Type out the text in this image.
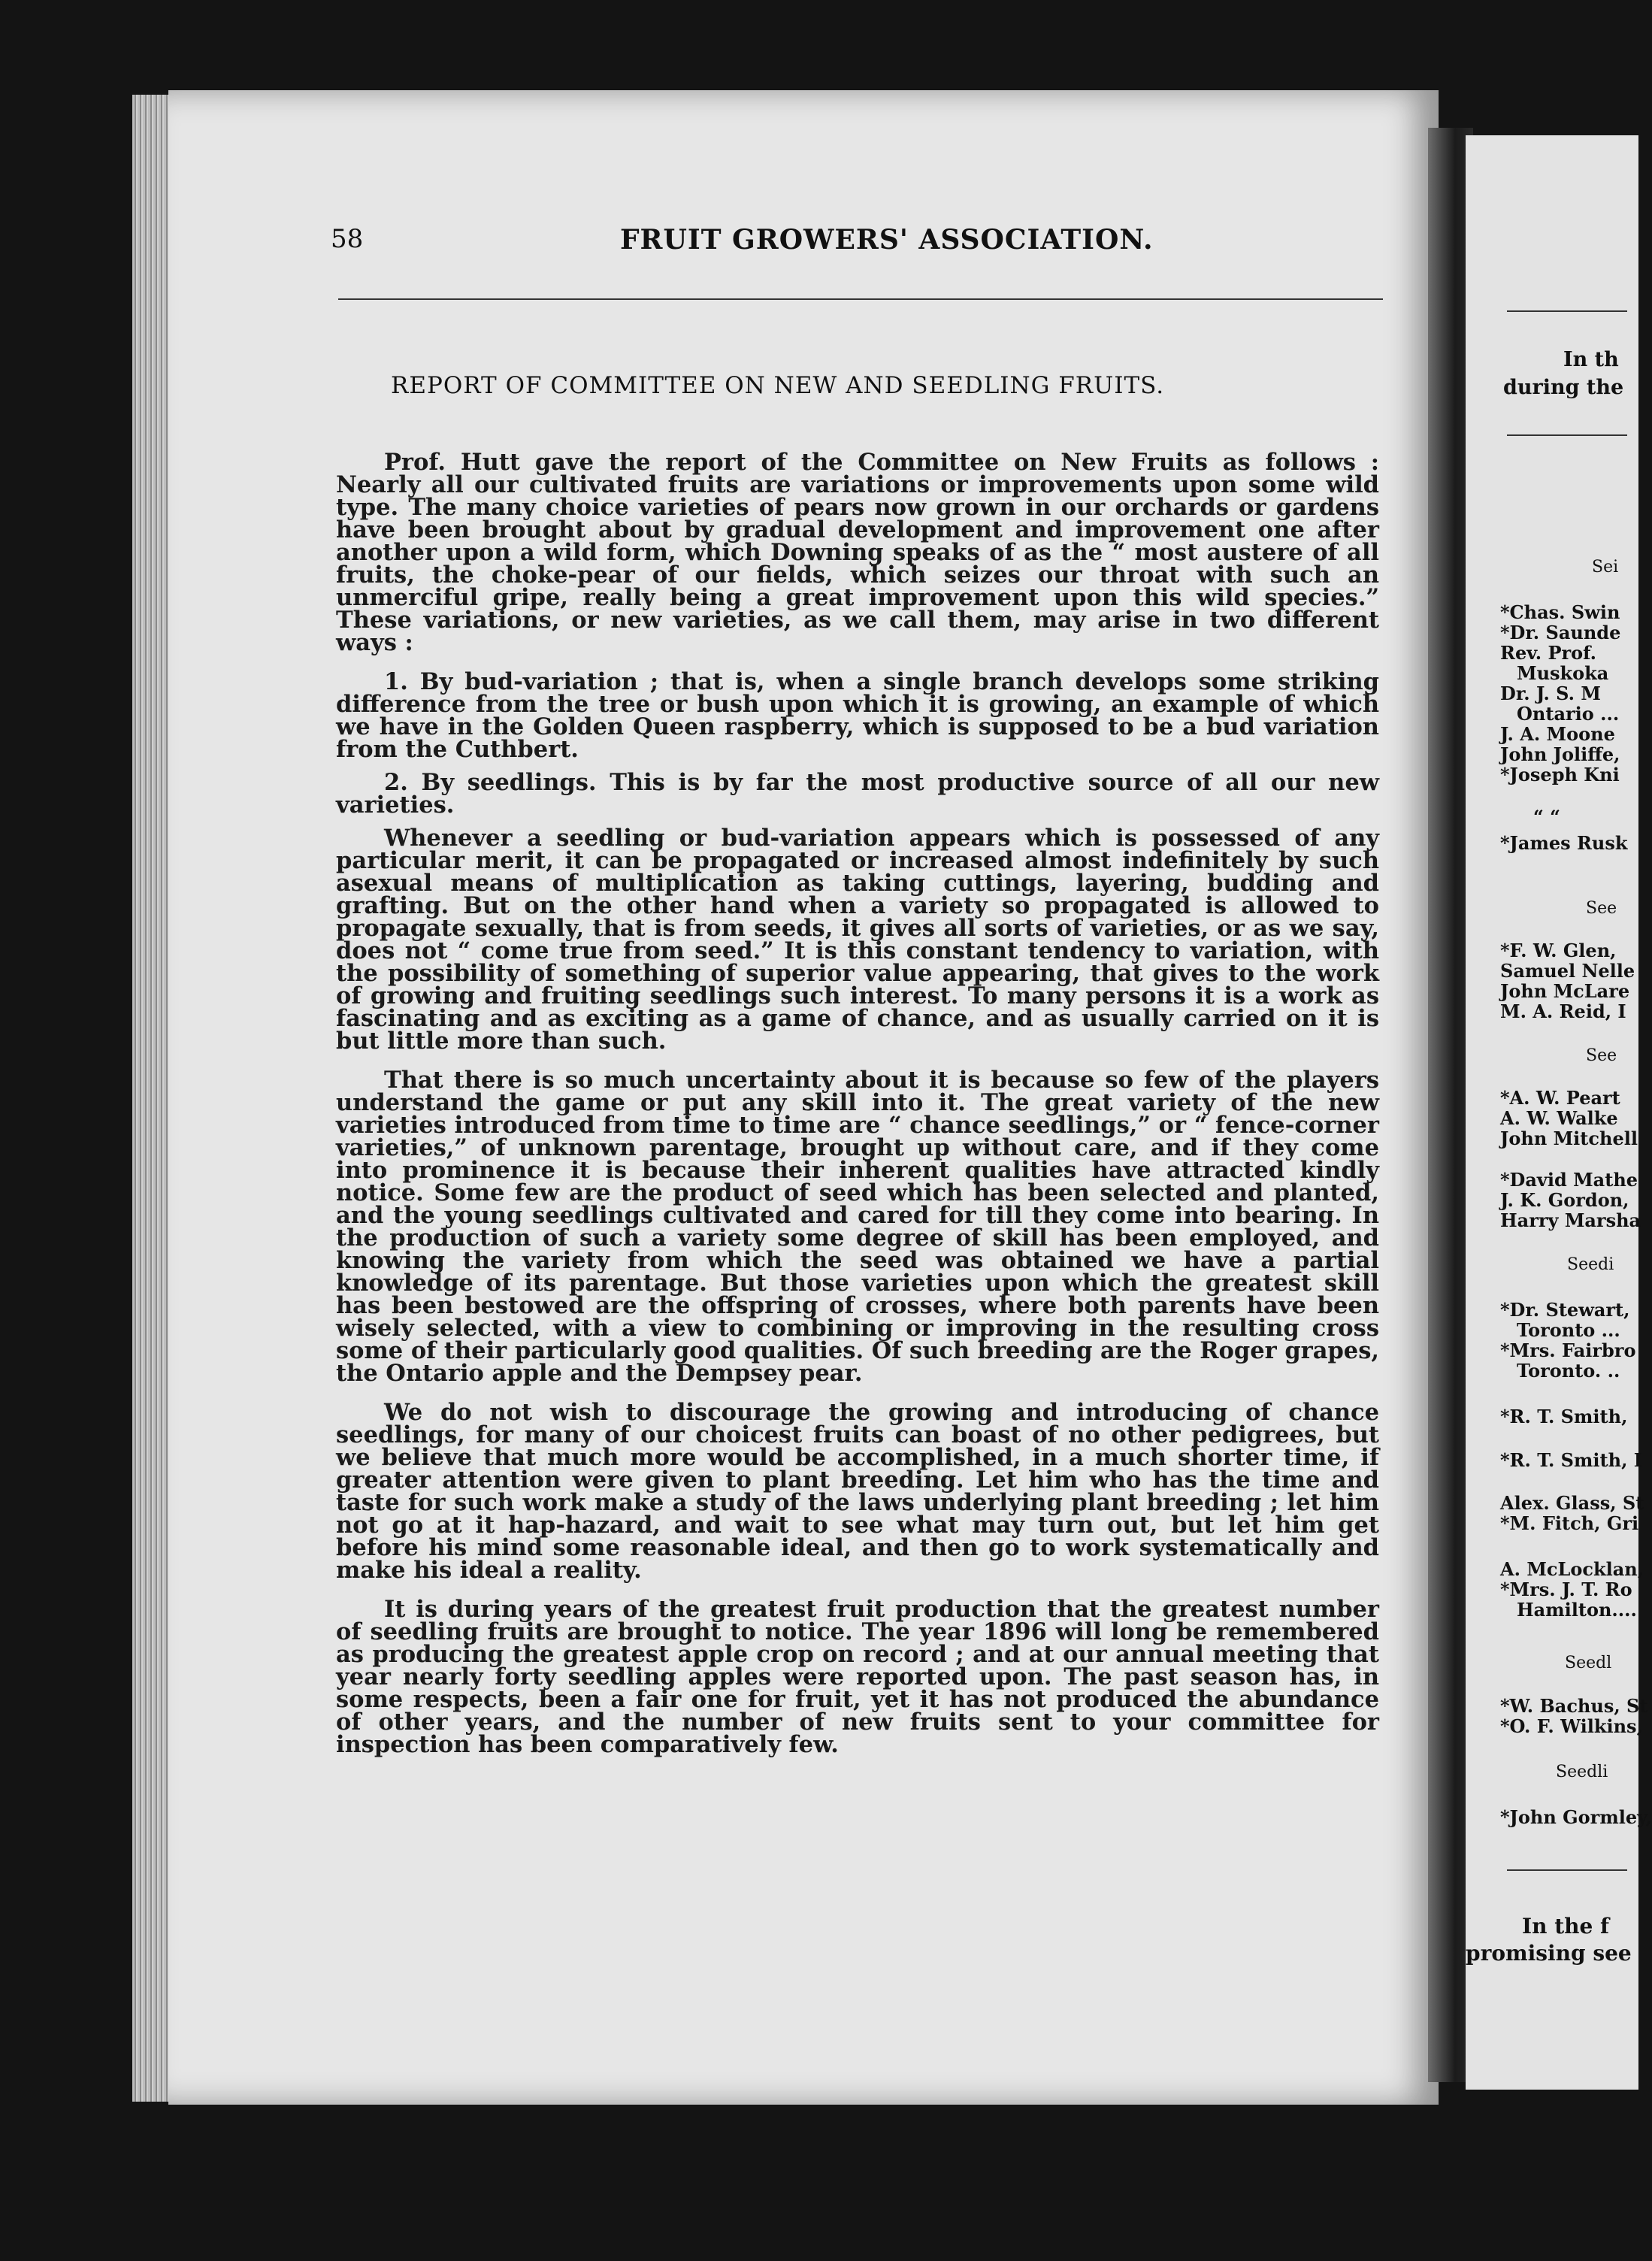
58	FRUIT GROWERS' ASSOCIATION.
REPORT OF COMMITTEE ON NEW AND SEEDLING FRUITS.

Prof. Hutt gave the report of the Committee on New Fruits as follows : Nearly all our cultivated fruits are variations or improvements upon some wild type. The many choice varieties of pears now grown in our orchards or gardens have been brought about by gradual development and improvement one after another upon a wild form, which Downing speaks of as the “ most austere of all fruits, the choke-pear of our fields, which seizes our throat with such an unmerciful gripe, really being a great improvement upon this wild species.” These variations, or new varieties, as we call them, may arise in two different ways :

1. By bud-variation ; that is, when a single branch develops some striking difference from the tree or bush upon which it is growing, an example of which we have in the Golden Queen raspberry, which is supposed to be a bud variation from the Cuthbert.

2. By seedlings. This is by far the most productive source of all our new varieties.

Whenever a seedling or bud-variation appears which is possessed of any particular merit, it can be propagated or increased almost indefinitely by such asexual means of multiplication as taking cuttings, layering, budding and grafting. But on the other hand when a variety so propagated is allowed to propagate sexually, that is from seeds, it gives all sorts of varieties, or as we say, does not “ come true from seed.” It is this constant tendency to variation, with the possibility of something of superior value appearing, that gives to the work of growing and fruiting seedlings such interest. To many persons it is a work as fascinating and as exciting as a game of chance, and as usually carried on it is but little more than such.

That there is so much uncertainty about it is because so few of the players understand the game or put any skill into it. The great variety of the new varieties introduced from time to time are “ chance seedlings,” or “ fence-corner varieties,” of unknown parentage, brought up without care, and if they come into prominence it is because their inherent qualities have attracted kindly notice. Some few are the product of seed which has been selected and planted, and the young seedlings cultivated and cared for till they come into bearing. In the production of such a variety some degree of skill has been employed, and knowing the variety from which the seed was obtained we have a partial knowledge of its parentage. But those varieties upon which the greatest skill has been bestowed are the offspring of crosses, where both parents have been wisely selected, with a view to combining or improving in the resulting cross some of their particularly good qualities. Of such breeding are the Roger grapes, the Ontario apple and the Dempsey pear.

We do not wish to discourage the growing and introducing of chance seedlings, for many of our choicest fruits can boast of no other pedigrees, but we believe that much more would be accomplished, in a much shorter time, if greater attention were given to plant breeding. Let him who has the time and taste for such work make a study of the laws underlying plant breeding ; let him not go at it hap-hazard, and wait to see what may turn out, but let him get before his mind some reasonable ideal, and then go to work systematically and make his ideal a reality.

It is during years of the greatest fruit production that the greatest number of seedling fruits are brought to notice. The year 1896 will long be remembered as producing the greatest apple crop on record ; and at our annual meeting that year nearly forty seedling apples were reported upon. The past season has, in some respects, been a fair one for fruit, yet it has not produced the abundance of other years, and the number of new fruits sent to your committee for inspection has been comparatively few.

In th
during the
Sei
*Chas. Swin
*Dr. Saunde
Rev. Prof.
Muskoka
Dr. J. S. M
Ontario ...
J. A. Moone
John Joliffe,
*Joseph Kni
“ “
*James Rusk
See
*F. W. Glen,
Samuel Nelle
John McLare
M. A. Reid, I
See
*A. W. Peart
A. W. Walke
John Mitchell
*David Mathe
J. K. Gordon,
Harry Marsha
Seedi
*Dr. Stewart,
Toronto ...
*Mrs. Fairbro
Toronto. ..
*R. T. Smith,
*R. T. Smith, I
Alex. Glass, St
*M. Fitch, Gri
A. McLocklan,
*Mrs. J. T. Ro
Hamilton....
Seedl
*W. Bachus, St
*O. F. Wilkins,
Seedli
*John Gormley,
In the f
promising see
